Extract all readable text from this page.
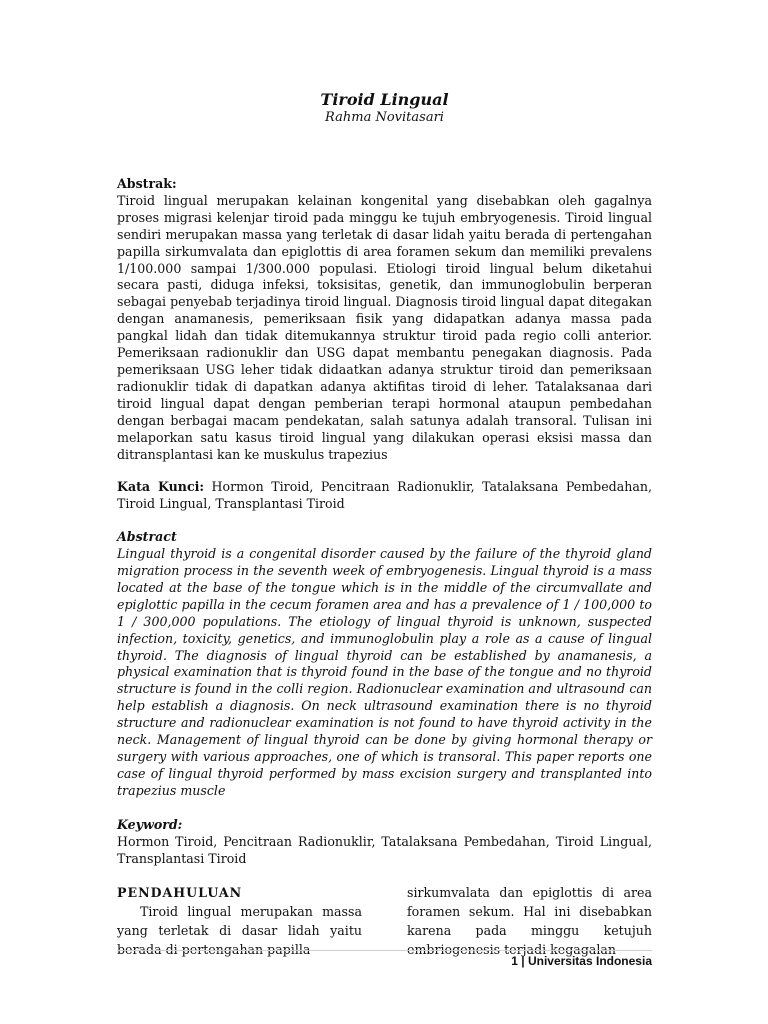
Tiroid Lingual

Rahma Novitasari

Abstrak:

Tiroid lingual merupakan kelainan kongenital yang disebabkan oleh gagalnya proses migrasi kelenjar tiroid pada minggu ke tujuh embryogenesis. Tiroid lingual sendiri merupakan massa yang terletak di dasar lidah yaitu berada di pertengahan papilla sirkumvalata dan epiglottis di area foramen sekum dan memiliki prevalens 1/100.000 sampai 1/300.000 populasi. Etiologi tiroid lingual belum diketahui secara pasti, diduga infeksi, toksisitas, genetik, dan immunoglobulin berperan sebagai penyebab terjadinya tiroid lingual. Diagnosis tiroid lingual dapat ditegakan dengan anamanesis, pemeriksaan fisik yang didapatkan adanya massa pada pangkal lidah dan tidak ditemukannya struktur tiroid pada regio colli anterior. Pemeriksaan radionuklir dan USG dapat membantu penegakan diagnosis. Pada pemeriksaan USG leher tidak didaatkan adanya struktur tiroid dan pemeriksaan radionuklir tidak di dapatkan adanya aktifitas tiroid di leher. Tatalaksanaa dari tiroid lingual dapat dengan pemberian terapi hormonal ataupun pembedahan dengan berbagai macam pendekatan, salah satunya adalah transoral. Tulisan ini melaporkan satu kasus tiroid lingual yang dilakukan operasi eksisi massa dan ditransplantasi kan ke muskulus trapezius

Kata Kunci: Hormon Tiroid, Pencitraan Radionuklir, Tatalaksana Pembedahan, Tiroid Lingual, Transplantasi Tiroid

Abstract

Lingual thyroid is a congenital disorder caused by the failure of the thyroid gland migration process in the seventh week of embryogenesis. Lingual thyroid is a mass located at the base of the tongue which is in the middle of the circumvallate and epiglottic papilla in the cecum foramen area and has a prevalence of 1 / 100,000 to 1 / 300,000 populations. The etiology of lingual thyroid is unknown, suspected infection, toxicity, genetics, and immunoglobulin play a role as a cause of lingual thyroid. The diagnosis of lingual thyroid can be established by anamanesis, a physical examination that is thyroid found in the base of the tongue and no thyroid structure is found in the colli region. Radionuclear examination and ultrasound can help establish a diagnosis. On neck ultrasound examination there is no thyroid structure and radionuclear examination is not found to have thyroid activity in the neck. Management of lingual thyroid can be done by giving hormonal therapy or surgery with various approaches, one of which is transoral. This paper reports one case of lingual thyroid performed by mass excision surgery and transplanted into trapezius muscle

Keyword:

Hormon Tiroid, Pencitraan Radionuklir, Tatalaksana Pembedahan, Tiroid Lingual, Transplantasi Tiroid

PENDAHULUAN

Tiroid lingual merupakan massa yang terletak di dasar lidah yaitu berada di pertengahan papilla

sirkumvalata dan epiglottis di area foramen sekum. Hal ini disebabkan karena pada minggu ketujuh embriogenesis terjadi kegagalan

1 | Universitas Indonesia
